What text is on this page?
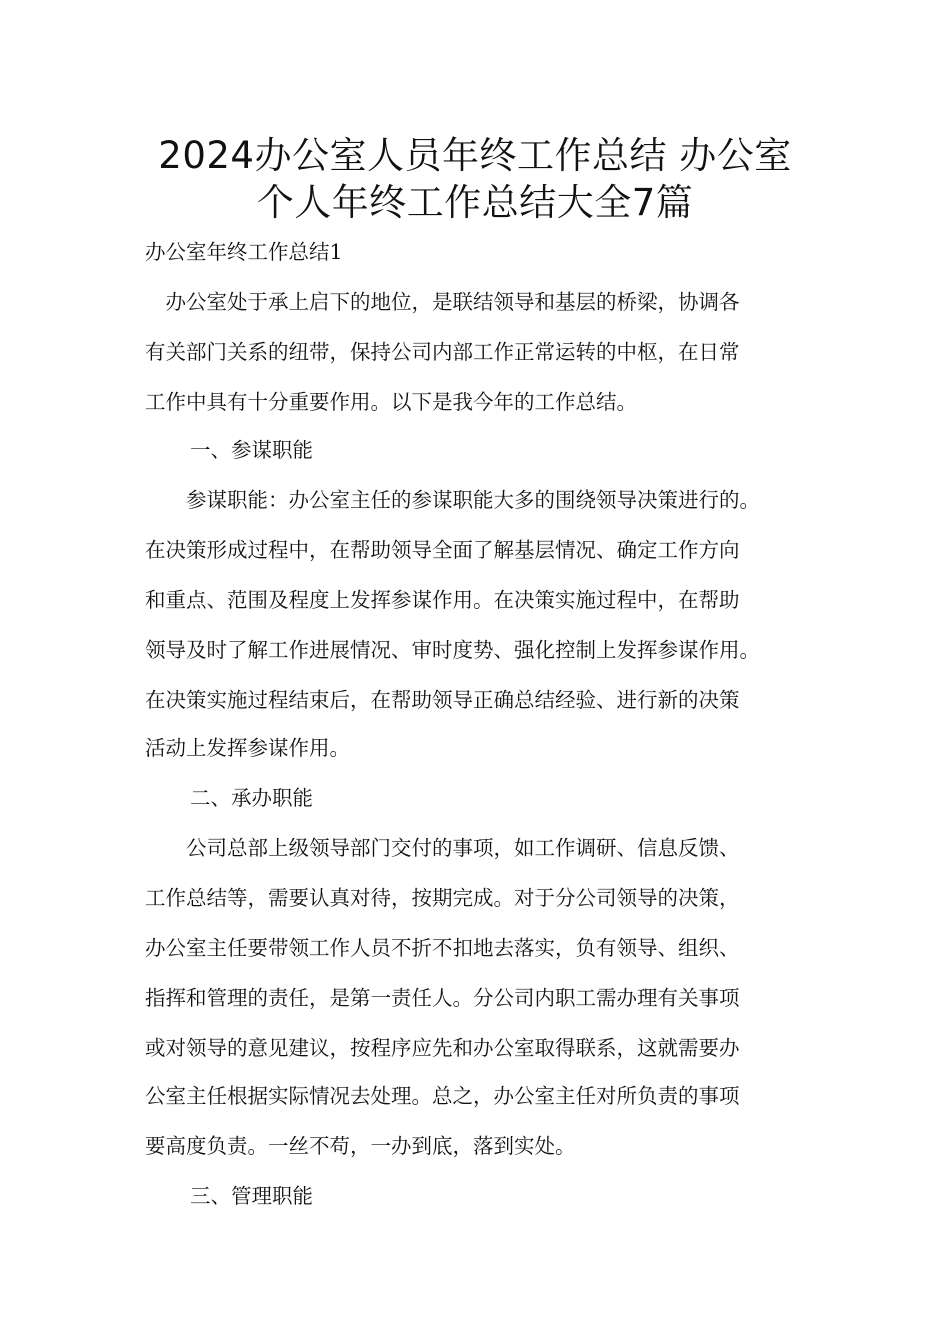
2024办公室人员年终工作总结 办公室
个人年终工作总结大全7篇
办公室年终工作总结1
　办公室处于承上启下的地位，是联结领导和基层的桥梁，协调各
有关部门关系的纽带，保持公司内部工作正常运转的中枢，在日常
工作中具有十分重要作用。以下是我今年的工作总结。
一、参谋职能
　　参谋职能：办公室主任的参谋职能大多的围绕领导决策进行的。
在决策形成过程中，在帮助领导全面了解基层情况、确定工作方向
和重点、范围及程度上发挥参谋作用。在决策实施过程中，在帮助
领导及时了解工作进展情况、审时度势、强化控制上发挥参谋作用。
在决策实施过程结束后，在帮助领导正确总结经验、进行新的决策
活动上发挥参谋作用。
二、承办职能
　　公司总部上级领导部门交付的事项，如工作调研、信息反馈、
工作总结等，需要认真对待，按期完成。对于分公司领导的决策，
办公室主任要带领工作人员不折不扣地去落实，负有领导、组织、
指挥和管理的责任，是第一责任人。分公司内职工需办理有关事项
或对领导的意见建议，按程序应先和办公室取得联系，这就需要办
公室主任根据实际情况去处理。总之，办公室主任对所负责的事项
要高度负责。一丝不苟，一办到底，落到实处。
三、管理职能
